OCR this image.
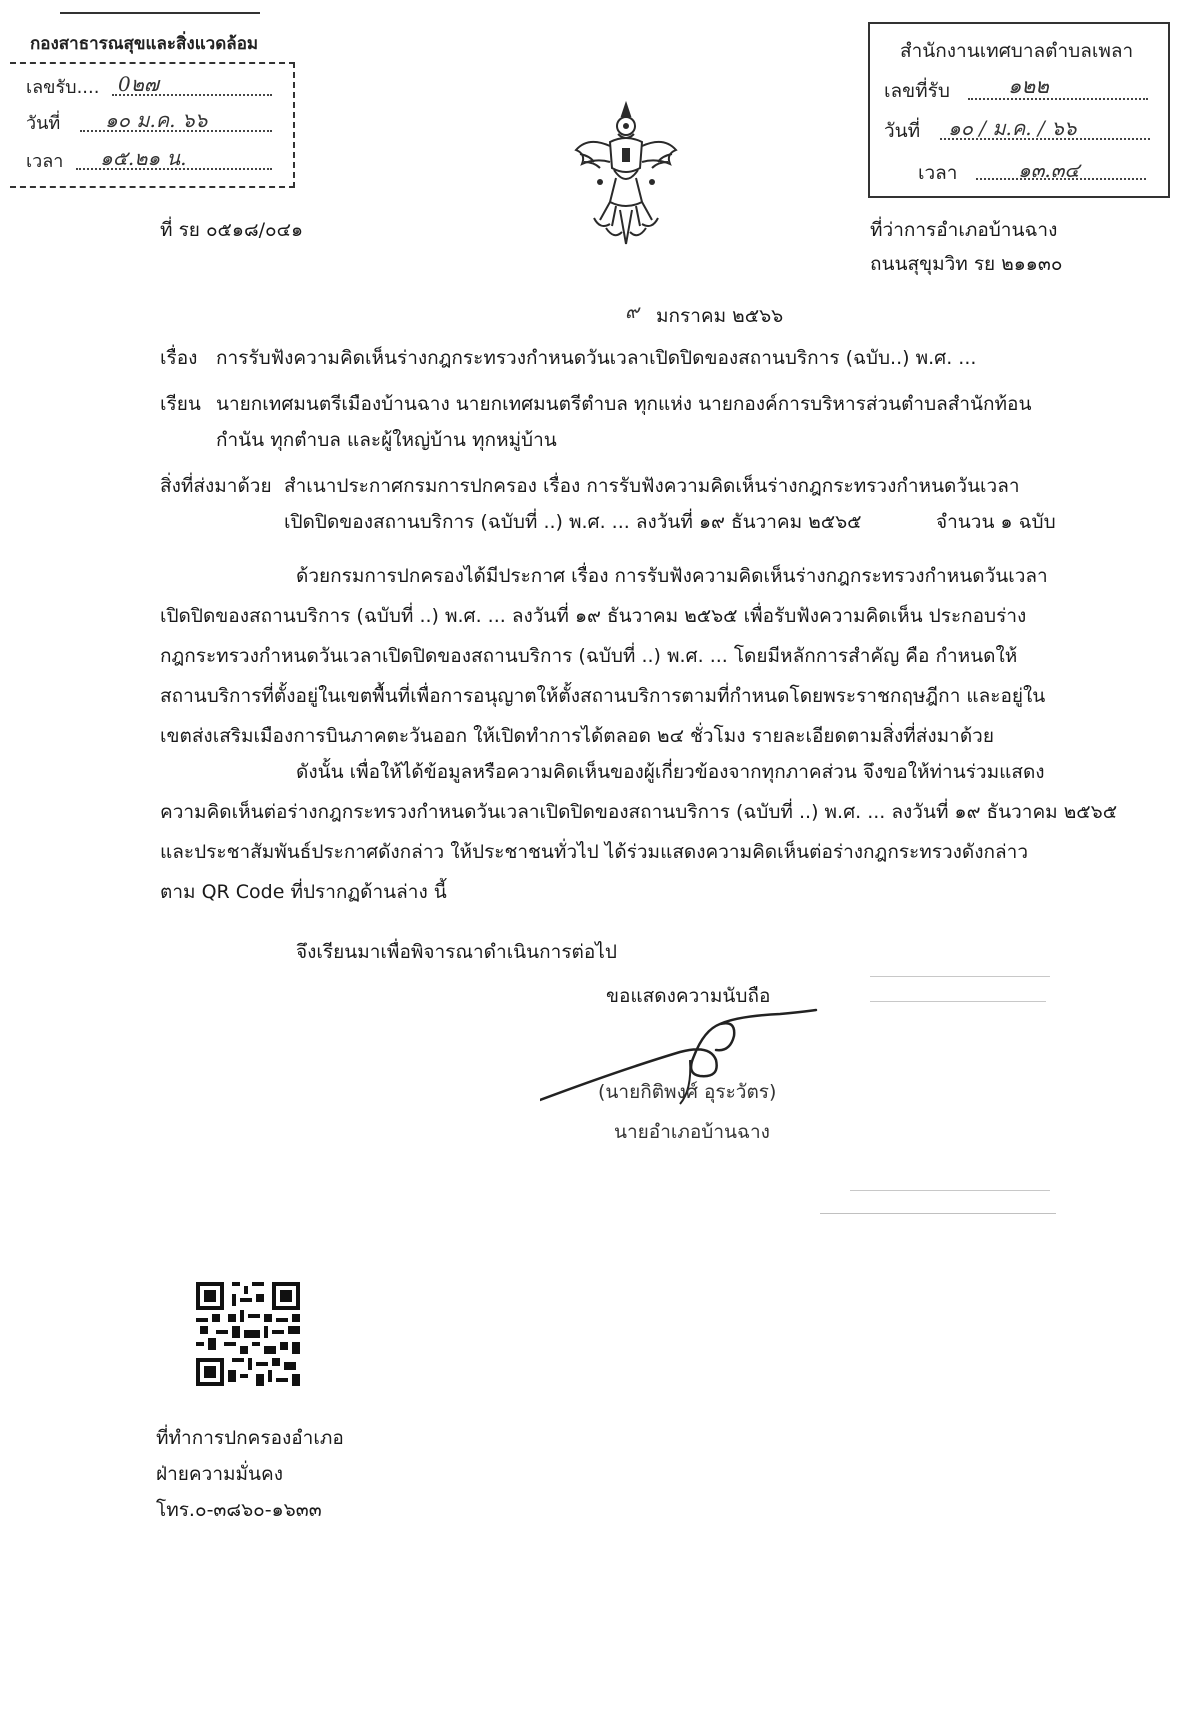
กองสาธารณสุขและสิ่งแวดล้อม
เลขรับ.... 0๒๗
วันที่ ๑๐ ม.ค. ๖๖
เวลา ๑๕.๒๑ น.
สำนักงานเทศบาลตำบลเพลา
เลขที่รับ	๑๒๒
วันที่ ๑๐ / ม.ค. / ๖๖
เวลา	๑๓.๓๔
ที่ รย ๐๕๑๘/๐๔๑	ที่ว่าการอำเภอบ้านฉาง
ถนนสุขุมวิท รย ๒๑๑๓๐
๙ มกราคม ๒๕๖๖
เรื่อง การรับฟังความคิดเห็นร่างกฎกระทรวงกำหนดวันเวลาเปิดปิดของสถานบริการ (ฉบับ..) พ.ศ. ...
เรียน นายกเทศมนตรีเมืองบ้านฉาง นายกเทศมนตรีตำบล ทุกแห่ง นายกองค์การบริหารส่วนตำบลสำนักท้อน
กำนัน ทุกตำบล และผู้ใหญ่บ้าน ทุกหมู่บ้าน
สิ่งที่ส่งมาด้วย สำเนาประกาศกรมการปกครอง เรื่อง การรับฟังความคิดเห็นร่างกฎกระทรวงกำหนดวันเวลา
เปิดปิดของสถานบริการ (ฉบับที่ ..) พ.ศ. ... ลงวันที่ ๑๙ ธันวาคม ๒๕๖๕	จำนวน ๑ ฉบับ
ด้วยกรมการปกครองได้มีประกาศ เรื่อง การรับฟังความคิดเห็นร่างกฎกระทรวงกำหนดวันเวลา
เปิดปิดของสถานบริการ (ฉบับที่ ..) พ.ศ. ... ลงวันที่ ๑๙ ธันวาคม ๒๕๖๕ เพื่อรับฟังความคิดเห็น ประกอบร่าง
กฎกระทรวงกำหนดวันเวลาเปิดปิดของสถานบริการ (ฉบับที่ ..) พ.ศ. ... โดยมีหลักการสำคัญ คือ กำหนดให้
สถานบริการที่ตั้งอยู่ในเขตพื้นที่เพื่อการอนุญาตให้ตั้งสถานบริการตามที่กำหนดโดยพระราชกฤษฎีกา และอยู่ใน
เขตส่งเสริมเมืองการบินภาคตะวันออก ให้เปิดทำการได้ตลอด ๒๔ ชั่วโมง รายละเอียดตามสิ่งที่ส่งมาด้วย
ดังนั้น เพื่อให้ได้ข้อมูลหรือความคิดเห็นของผู้เกี่ยวข้องจากทุกภาคส่วน จึงขอให้ท่านร่วมแสดง
ความคิดเห็นต่อร่างกฎกระทรวงกำหนดวันเวลาเปิดปิดของสถานบริการ (ฉบับที่ ..) พ.ศ. ... ลงวันที่ ๑๙ ธันวาคม ๒๕๖๕
และประชาสัมพันธ์ประกาศดังกล่าว ให้ประชาชนทั่วไป ได้ร่วมแสดงความคิดเห็นต่อร่างกฎกระทรวงดังกล่าว
ตาม QR Code ที่ปรากฏด้านล่าง นี้
จึงเรียนมาเพื่อพิจารณาดำเนินการต่อไป
ขอแสดงความนับถือ
(นายกิติพงศ์ อุระวัตร)
นายอำเภอบ้านฉาง
ที่ทำการปกครองอำเภอ
ฝ่ายความมั่นคง
โทร.๐-๓๘๖๐-๑๖๓๓
